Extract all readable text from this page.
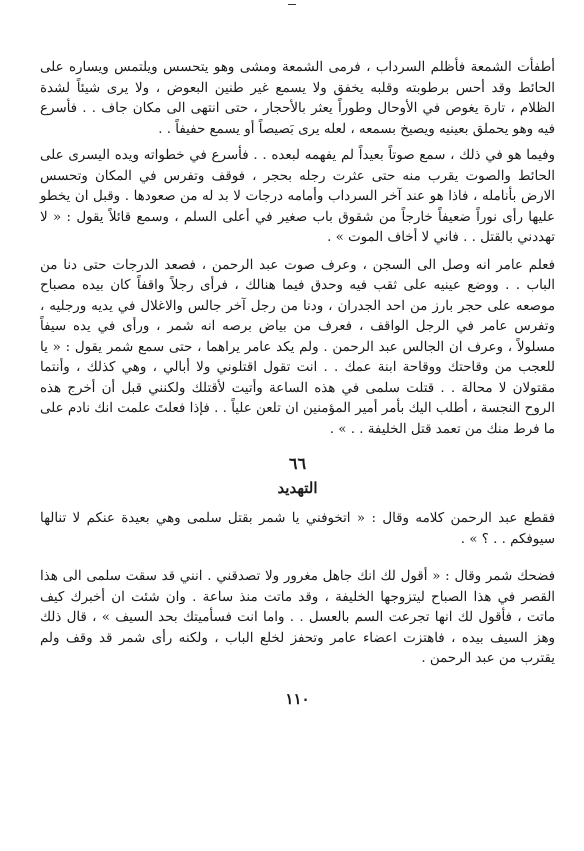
أطفأت الشمعة فأظلم السرداب ، فرمى الشمعة ومشى وهو يتحسس ويلتمس ويساره على الحائط وقد أحس برطوبته وقلبه يخفق ولا يسمع غير طنين البعوض ، ولا يرى شيئاً لشدة الظلام ، تارة يغوص في الأوحال وطوراً يعثر بالأحجار ، حتى انتهى الى مكان جاف . . فأسرع فيه وهو يحملق بعينيه ويصيخ بسمعه ، لعله يرى بَصيصاً أو يسمع حفيفاً . .

وفيما هو في ذلك ، سمع صوتاً بعيداً لم يفهمه لبعده . . فأسرع في خطواته ويده اليسرى على الحائط والصوت يقرب منه حتى عثرت رجله بحجر ، فوقف وتفرس في المكان وتحسس الارض بأنامله ، فاذا هو عند آخر السرداب وأمامه درجات لا بد له من صعودها . وقبل ان يخطو عليها رأى نوراً ضعيفاً خارجاً من شقوق باب صغير في أعلى السلم ، وسمع قائلاً يقول : « لا تهددني بالقتل . . فاني لا أخاف الموت » .

فعلم عامر انه وصل الى السجن ، وعرف صوت عبد الرحمن ، فصعد الدرجات حتى دنا من الباب . . ووضع عينيه على ثقب فيه وحدق فيما هنالك ، فرأى رجلاً واقفاً كان بيده مصباح موصعه على حجر بارز من احد الجدران ، ودنا من رجل آخر جالس والاغلال في يديه ورجليه ، وتفرس عامر في الرجل الواقف ، فعرف من بياض برصه انه شمر ، ورأى في يده سيفاً مسلولاً ، وعرف ان الجالس عبد الرحمن . ولم يكد عامر يراهما ، حتى سمع شمر يقول : « يا للعجب من وقاحتك ووقاحة ابنة عمك . . انت تقول اقتلوني ولا أبالي ، وهي كذلك ، وأنتما مقتولان لا محالة . . قتلت سلمى في هذه الساعة وأتيت لأقتلك ولكنني قبل أن أخرج هذه الروح النجسة ، أطلب اليك بأمر أمير المؤمنين ان تلعن علياً . . فإذا فعلتَ علمت انك نادم على ما فرط منك من تعمد قتل الخليفة . . » .

٦٦
التهديد

فقطع عبد الرحمن كلامه وقال : « اتخوفني يا شمر بقتل سلمى وهي بعيدة عنكم لا تنالها سيوفكم . . ؟ » .

فضحك شمر وقال : « أقول لك انك جاهل مغرور ولا تصدقني . انني قد سقت سلمى الى هذا القصر في هذا الصباح ليتزوجها الخليفة ، وقد ماتت منذ ساعة . وان شئت ان أخبرك كيف ماتت ، فأقول لك انها تجرعت السم بالعسل . . واما انت فسأميتك بحد السيف » ، قال ذلك وهز السيف بيده ، فاهتزت اعضاء عامر وتحفز لخلع الباب ، ولكنه رأى شمر قد وقف ولم يقترب من عبد الرحمن .

١١٠
